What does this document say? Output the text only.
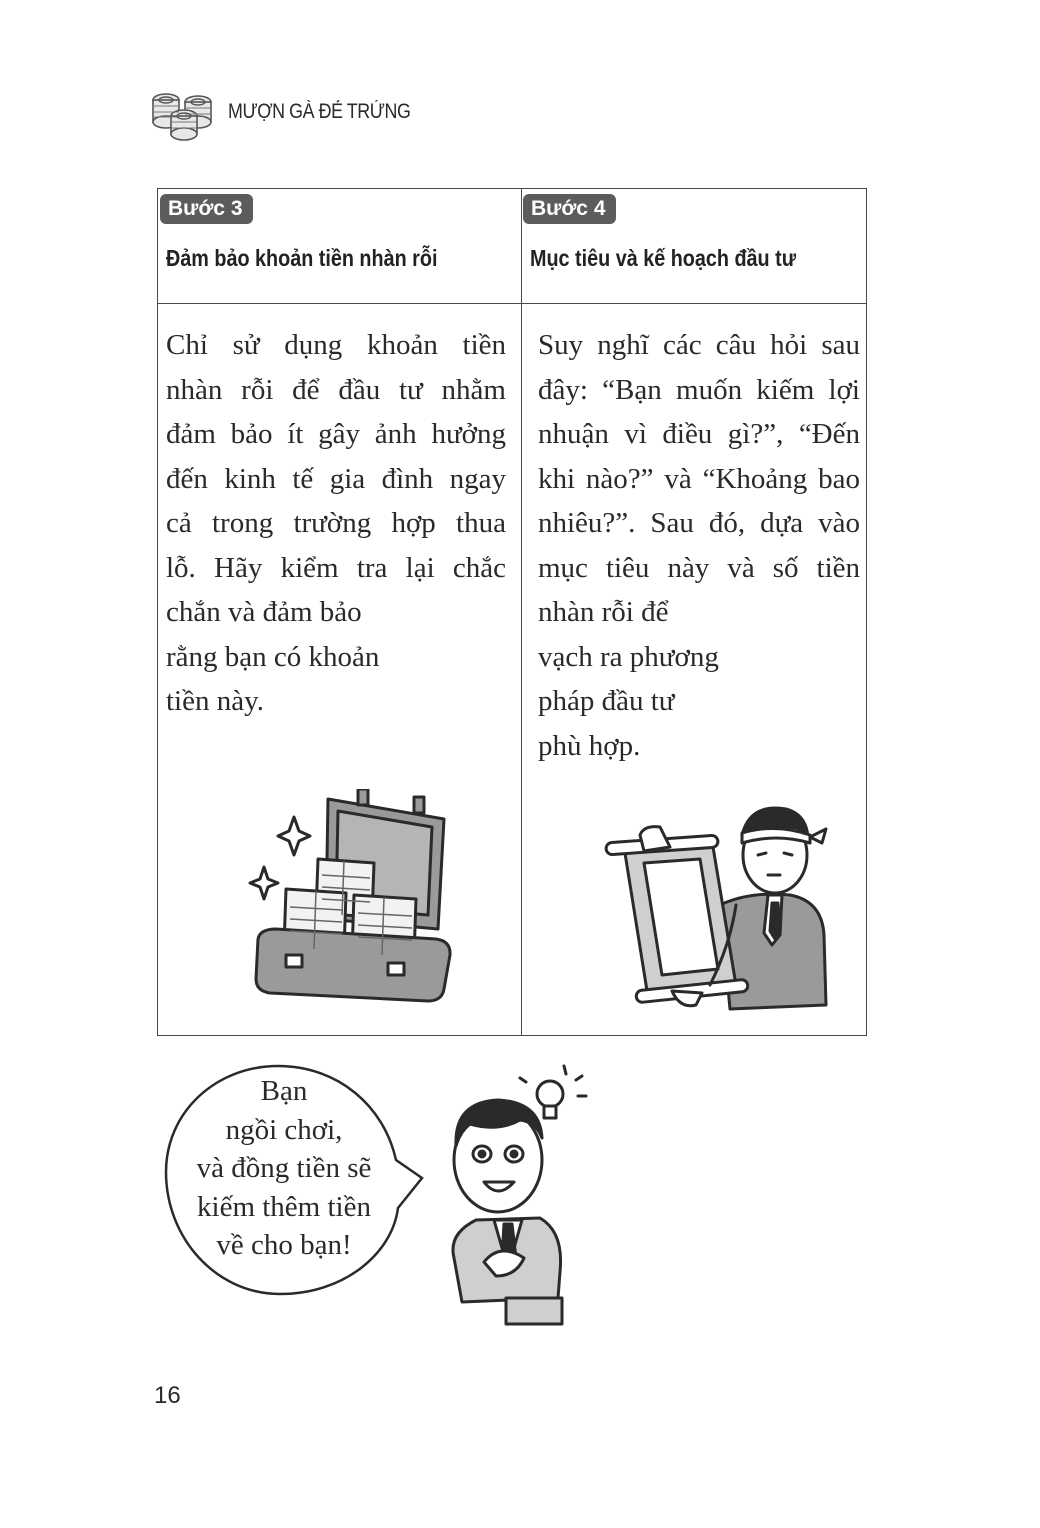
MƯỢN GÀ ĐẺ TRỨNG
Bước 3
Đảm bảo khoản tiền nhàn rỗi
Chỉ sử dụng khoản tiền
nhàn rỗi để đầu tư nhằm
đảm bảo ít gây ảnh hưởng
đến kinh tế gia đình ngay
cả trong trường hợp thua
lỗ. Hãy kiểm tra lại chắc
chắn và đảm bảo
rằng bạn có khoản
tiền này.
Bước 4
Mục tiêu và kế hoạch đầu tư
Suy nghĩ các câu hỏi sau
đây: “Bạn muốn kiếm lợi
nhuận vì điều gì?”, “Đến
khi nào?” và “Khoảng bao
nhiêu?”. Sau đó, dựa vào
mục tiêu này và số tiền
nhàn rỗi để
vạch ra phương
pháp đầu tư
phù hợp.
Bạn
ngồi chơi,
và đồng tiền sẽ
kiếm thêm tiền
về cho bạn!
16
